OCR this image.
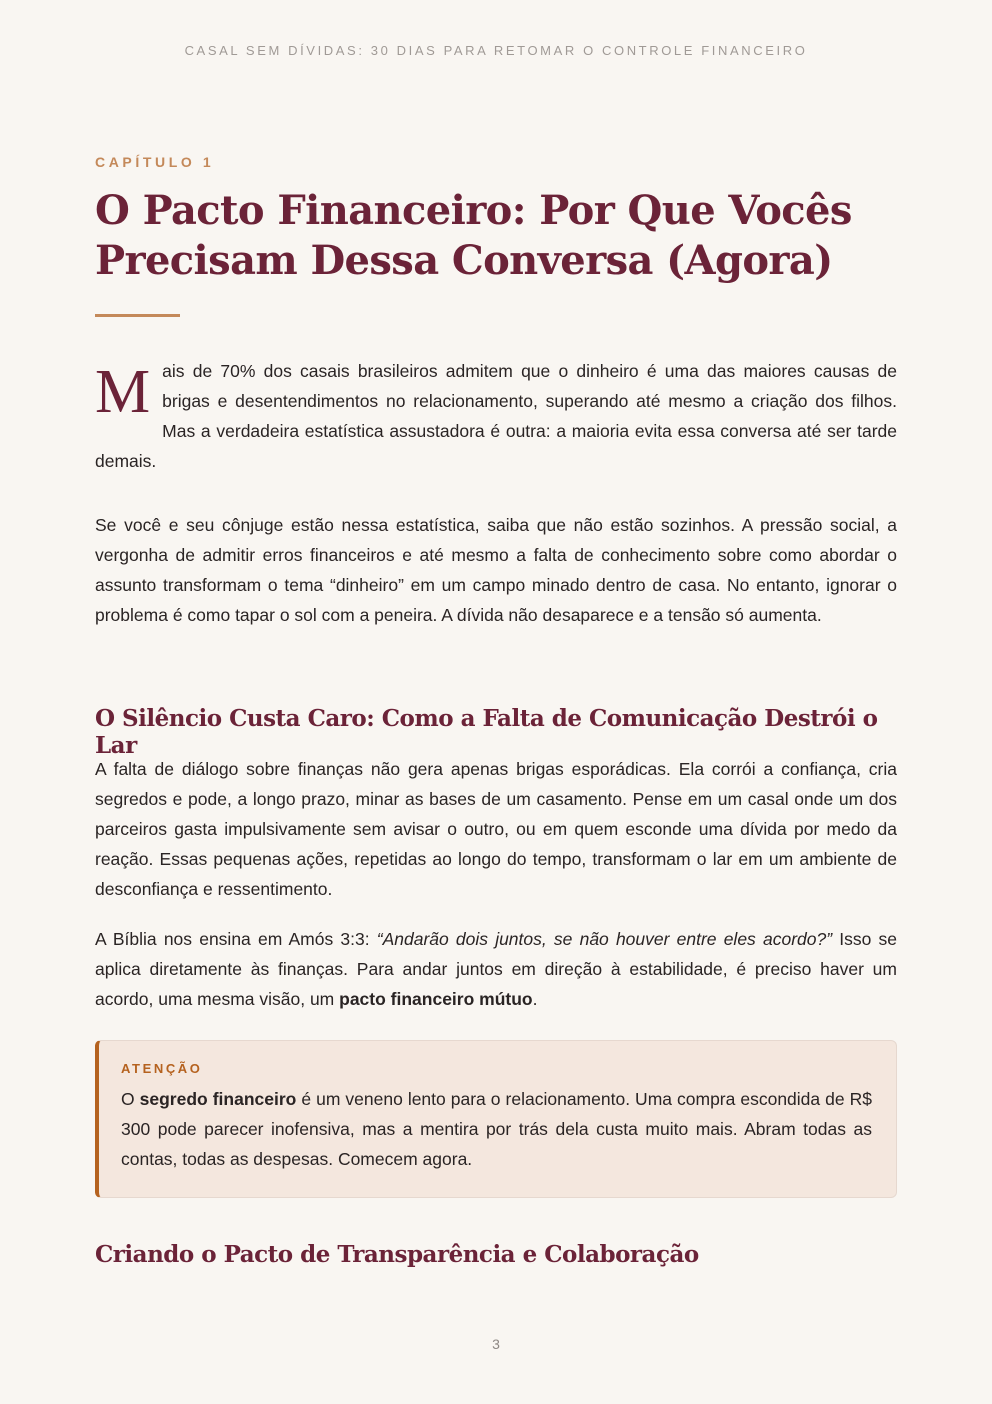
CASAL SEM DÍVIDAS: 30 DIAS PARA RETOMAR O CONTROLE FINANCEIRO
CAPÍTULO 1
O Pacto Financeiro: Por Que Vocês
Precisam Dessa Conversa (Agora)

Mais de 70% dos casais brasileiros admitem que o dinheiro é uma das maiores causas de brigas e desentendimentos no relacionamento, superando até mesmo a criação dos filhos. Mas a verdadeira estatística assustadora é outra: a maioria evita essa conversa até ser tarde demais.

Se você e seu cônjuge estão nessa estatística, saiba que não estão sozinhos. A pressão social, a vergonha de admitir erros financeiros e até mesmo a falta de conhecimento sobre como abordar o assunto transformam o tema “dinheiro” em um campo minado dentro de casa. No entanto, ignorar o problema é como tapar o sol com a peneira. A dívida não desaparece e a tensão só aumenta.

O Silêncio Custa Caro: Como a Falta de Comunicação Destrói o Lar

A falta de diálogo sobre finanças não gera apenas brigas esporádicas. Ela corrói a confiança, cria segredos e pode, a longo prazo, minar as bases de um casamento. Pense em um casal onde um dos parceiros gasta impulsivamente sem avisar o outro, ou em quem esconde uma dívida por medo da reação. Essas pequenas ações, repetidas ao longo do tempo, transformam o lar em um ambiente de desconfiança e ressentimento.

A Bíblia nos ensina em Amós 3:3: “Andarão dois juntos, se não houver entre eles acordo?” Isso se aplica diretamente às finanças. Para andar juntos em direção à estabilidade, é preciso haver um acordo, uma mesma visão, um pacto financeiro mútuo.

ATENÇÃO

O segredo financeiro é um veneno lento para o relacionamento. Uma compra escondida de R$ 300 pode parecer inofensiva, mas a mentira por trás dela custa muito mais. Abram todas as contas, todas as despesas. Comecem agora.

Criando o Pacto de Transparência e Colaboração
3
